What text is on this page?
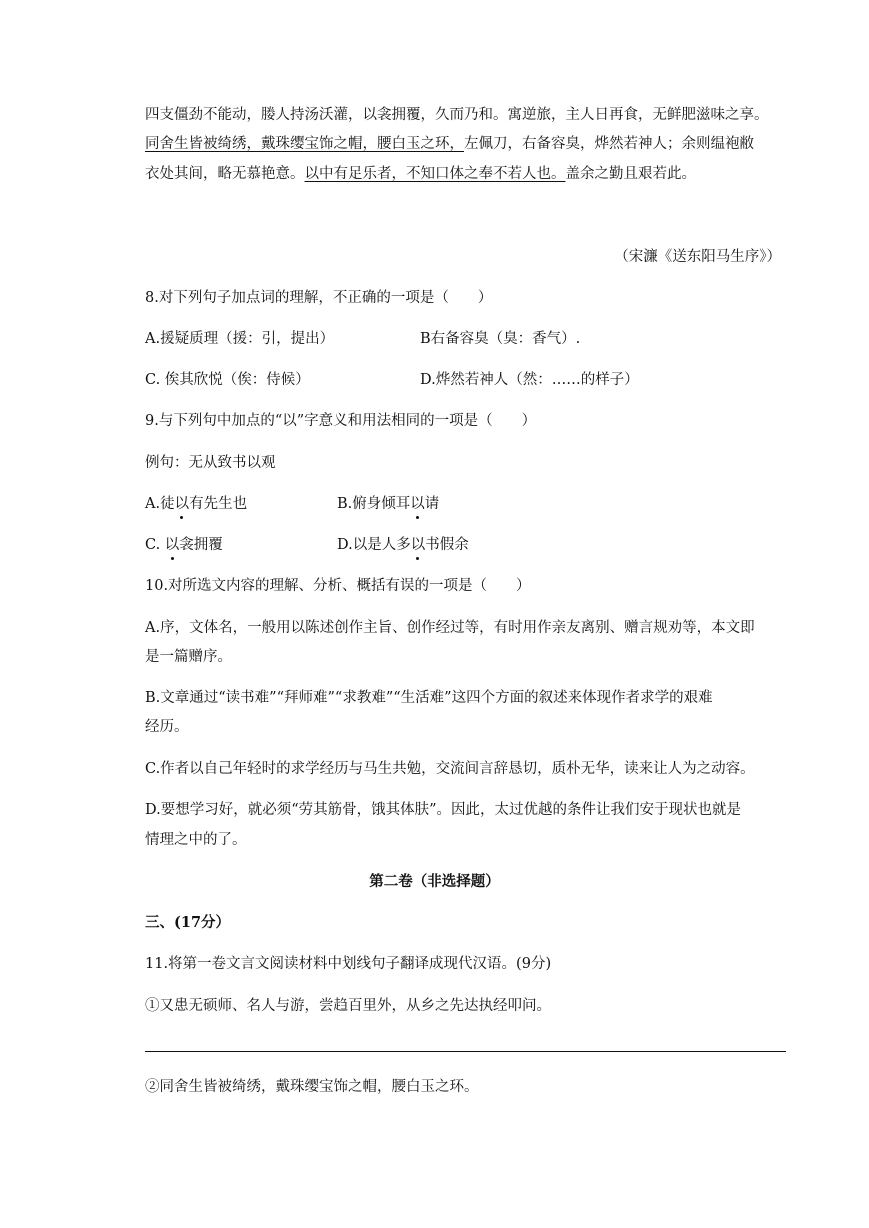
四支僵劲不能动，媵人持汤沃灌，以衾拥覆，久而乃和。寓逆旅，主人日再食，无鲜肥滋味之享。
同舍生皆被绮绣，戴珠缨宝饰之帽，腰白玉之环，左佩刀，右备容臭，烨然若神人；余则缊袍敝
衣处其间，略无慕艳意。以中有足乐者，不知口体之奉不若人也。盖余之勤且艰若此。
（宋濂《送东阳马生序》）
8.对下列句子加点词的理解，不正确的一项是（　　）
A.援疑质理（援：引，提出）	B右备容臭（臭：香气）.
C. 俟其欣悦（俟：侍候）	D.烨然若神人（然：……的样子）
9.与下列句中加点的“以”字意义和用法相同的一项是（　　）
例句：无从致书以观
A.徒以有先生也	B.俯身倾耳以请
C. 以衾拥覆	D.以是人多以书假余
10.对所选文内容的理解、分析、概括有误的一项是（　　）
A.序，文体名，一般用以陈述创作主旨、创作经过等，有时用作亲友离别、赠言规劝等，本文即
是一篇赠序。
B.文章通过“读书难”“拜师难”“求教难”“生活难”这四个方面的叙述来体现作者求学的艰难
经历。
C.作者以自己年轻时的求学经历与马生共勉，交流间言辞恳切，质朴无华，读来让人为之动容。
D.要想学习好，就必须“劳其筋骨，饿其体肤”。因此，太过优越的条件让我们安于现状也就是
情理之中的了。
第二卷（非选择题）
三、(17分）
11.将第一卷文言文阅读材料中划线句子翻译成现代汉语。(9分)
①又患无硕师、名人与游，尝趋百里外，从乡之先达执经叩问。
②同舍生皆被绮绣，戴珠缨宝饰之帽，腰白玉之环。
